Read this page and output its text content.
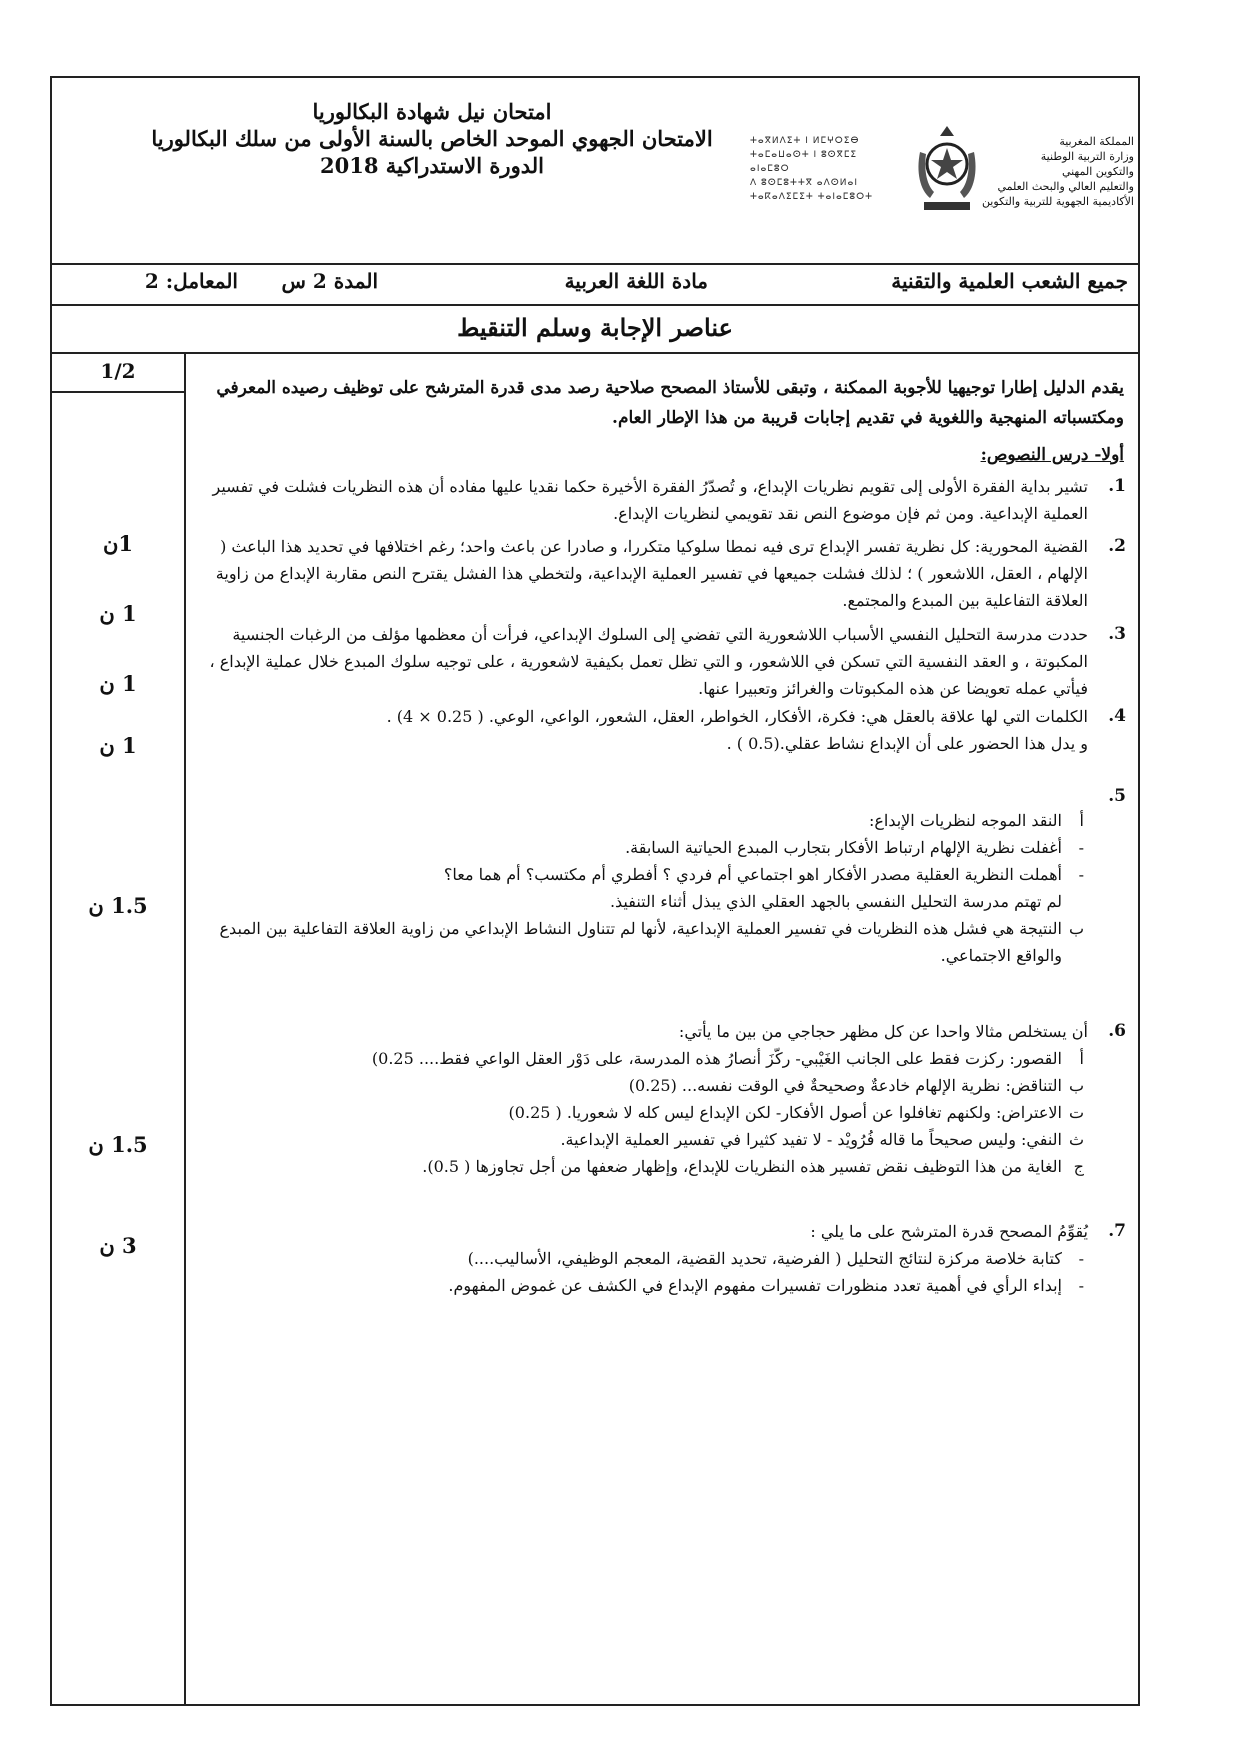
المملكة المغربية
وزارة التربية الوطنية
والتكوين المهني
والتعليم العالي والبحث العلمي
الأكاديمية الجهوية للتربية والتكوين
ⵜⴰⴳⵍⴷⵉⵜ ⵏ ⵍⵎⵖⵔⵉⴱ
ⵜⴰⵎⴰⵡⴰⵙⵜ ⵏ ⵓⵙⴳⵎⵉ
ⴰⵏⴰⵎⵓⵔ
ⴷ ⵓⵙⵎⵓⵜⵜⴳ ⴰⴷⵙⵍⴰⵏ
ⵜⴰⴽⴰⴷⵉⵎⵉⵜ ⵜⴰⵏⴰⵎⵓⵔⵜ
امتحان نيل شهادة البكالوريا
الامتحان الجهوي الموحد الخاص بالسنة الأولى من سلك البكالوريا
الدورة الاستدراكية 2018
جميع الشعب العلمية والتقنية
مادة اللغة العربية
المدة 2 س
المعامل: 2
عناصر الإجابة وسلم التنقيط
1/2
1ن
1 ن
1 ن
1 ن
1.5 ن
1.5 ن
3 ن
يقدم الدليل إطارا توجيهيا للأجوبة الممكنة ، وتبقى للأستاذ المصحح صلاحية رصد مدى قدرة المترشح على توظيف رصيده المعرفي ومكتسباته المنهجية واللغوية في تقديم إجابات قريبة من هذا الإطار العام.
أولا- درس النصوص:
1.
تشير بداية الفقرة الأولى إلى تقويم نظريات الإبداع، و تُصدّرُ الفقرة الأخيرة حكما نقديا عليها مفاده أن هذه النظريات فشلت في تفسير العملية الإبداعية. ومن ثم فإن موضوع النص نقد تقويمي لنظريات الإبداع.
2.
القضية المحورية: كل نظرية تفسر الإبداع ترى فيه نمطا سلوكيا متكررا، و صادرا عن باعث واحد؛ رغم اختلافها في تحديد هذا الباعث ( الإلهام ، العقل، اللاشعور ) ؛ لذلك فشلت جميعها في تفسير العملية الإبداعية، ولتخطي هذا الفشل يقترح النص مقاربة الإبداع من زاوية العلاقة التفاعلية بين المبدع والمجتمع.
3.
حددت مدرسة التحليل النفسي الأسباب اللاشعورية التي تفضي إلى السلوك الإبداعي، فرأت أن معظمها مؤلف من الرغبات الجنسية المكبوتة ، و العقد النفسية التي تسكن في اللاشعور، و التي تظل تعمل بكيفية لاشعورية ، على توجيه سلوك المبدع خلال عملية الإبداع ، فيأتي عمله تعويضا عن هذه المكبوتات والغرائز وتعبيرا عنها.
4.
الكلمات التي لها علاقة بالعقل هي: فكرة، الأفكار، الخواطر، العقل، الشعور، الواعي، الوعي. ( 0.25 × 4) .
و يدل هذا الحضور على أن الإبداع نشاط عقلي.(0.5 ) .
5.
أ
النقد الموجه لنظريات الإبداع:
-
أغفلت نظرية الإلهام ارتباط الأفكار بتجارب المبدع الحياتية السابقة.
-
أهملت النظرية العقلية مصدر الأفكار اهو اجتماعي أم فردي ؟ أفطري أم مكتسب؟ أم هما معا؟
لم تهتم مدرسة التحليل النفسي بالجهد العقلي الذي يبذل أثناء التنفيذ.
ب
النتيجة هي فشل هذه النظريات في تفسير العملية الإبداعية، لأنها لم تتناول النشاط الإبداعي من زاوية العلاقة التفاعلية بين المبدع والواقع الاجتماعي.
6.
أن يستخلص مثالا واحدا عن كل مظهر حجاجي من بين ما يأتي:
أ
القصور: ركزت فقط على الجانب الغَيْبي- ركّزَ أنصارُ هذه المدرسة، على دَوْر العقل الواعي فقط.... 0.25)
ب
التناقض: نظرية الإلهام خادعةٌ وصحيحةٌ في الوقت نفسه... (0.25)
ت
الاعتراض: ولكنهم تغافلوا عن أصول الأفكار- لكن الإبداع ليس كله لا شعوريا. ( 0.25)
ث
النفي: وليس صحيحاً ما قاله فُرُويْد - لا تفيد كثيرا في تفسير العملية الإبداعية.
ج
الغاية من هذا التوظيف نقض تفسير هذه النظريات للإبداع، وإظهار ضعفها من أجل تجاوزها ( 0.5).
7.
يُقوِّمُ المصحح قدرة المترشح على ما يلي :
-
كتابة خلاصة مركزة لنتائج التحليل ( الفرضية، تحديد القضية، المعجم الوظيفي، الأساليب....)
-
إبداء الرأي في أهمية تعدد منظورات تفسيرات مفهوم الإبداع في الكشف عن غموض المفهوم.
